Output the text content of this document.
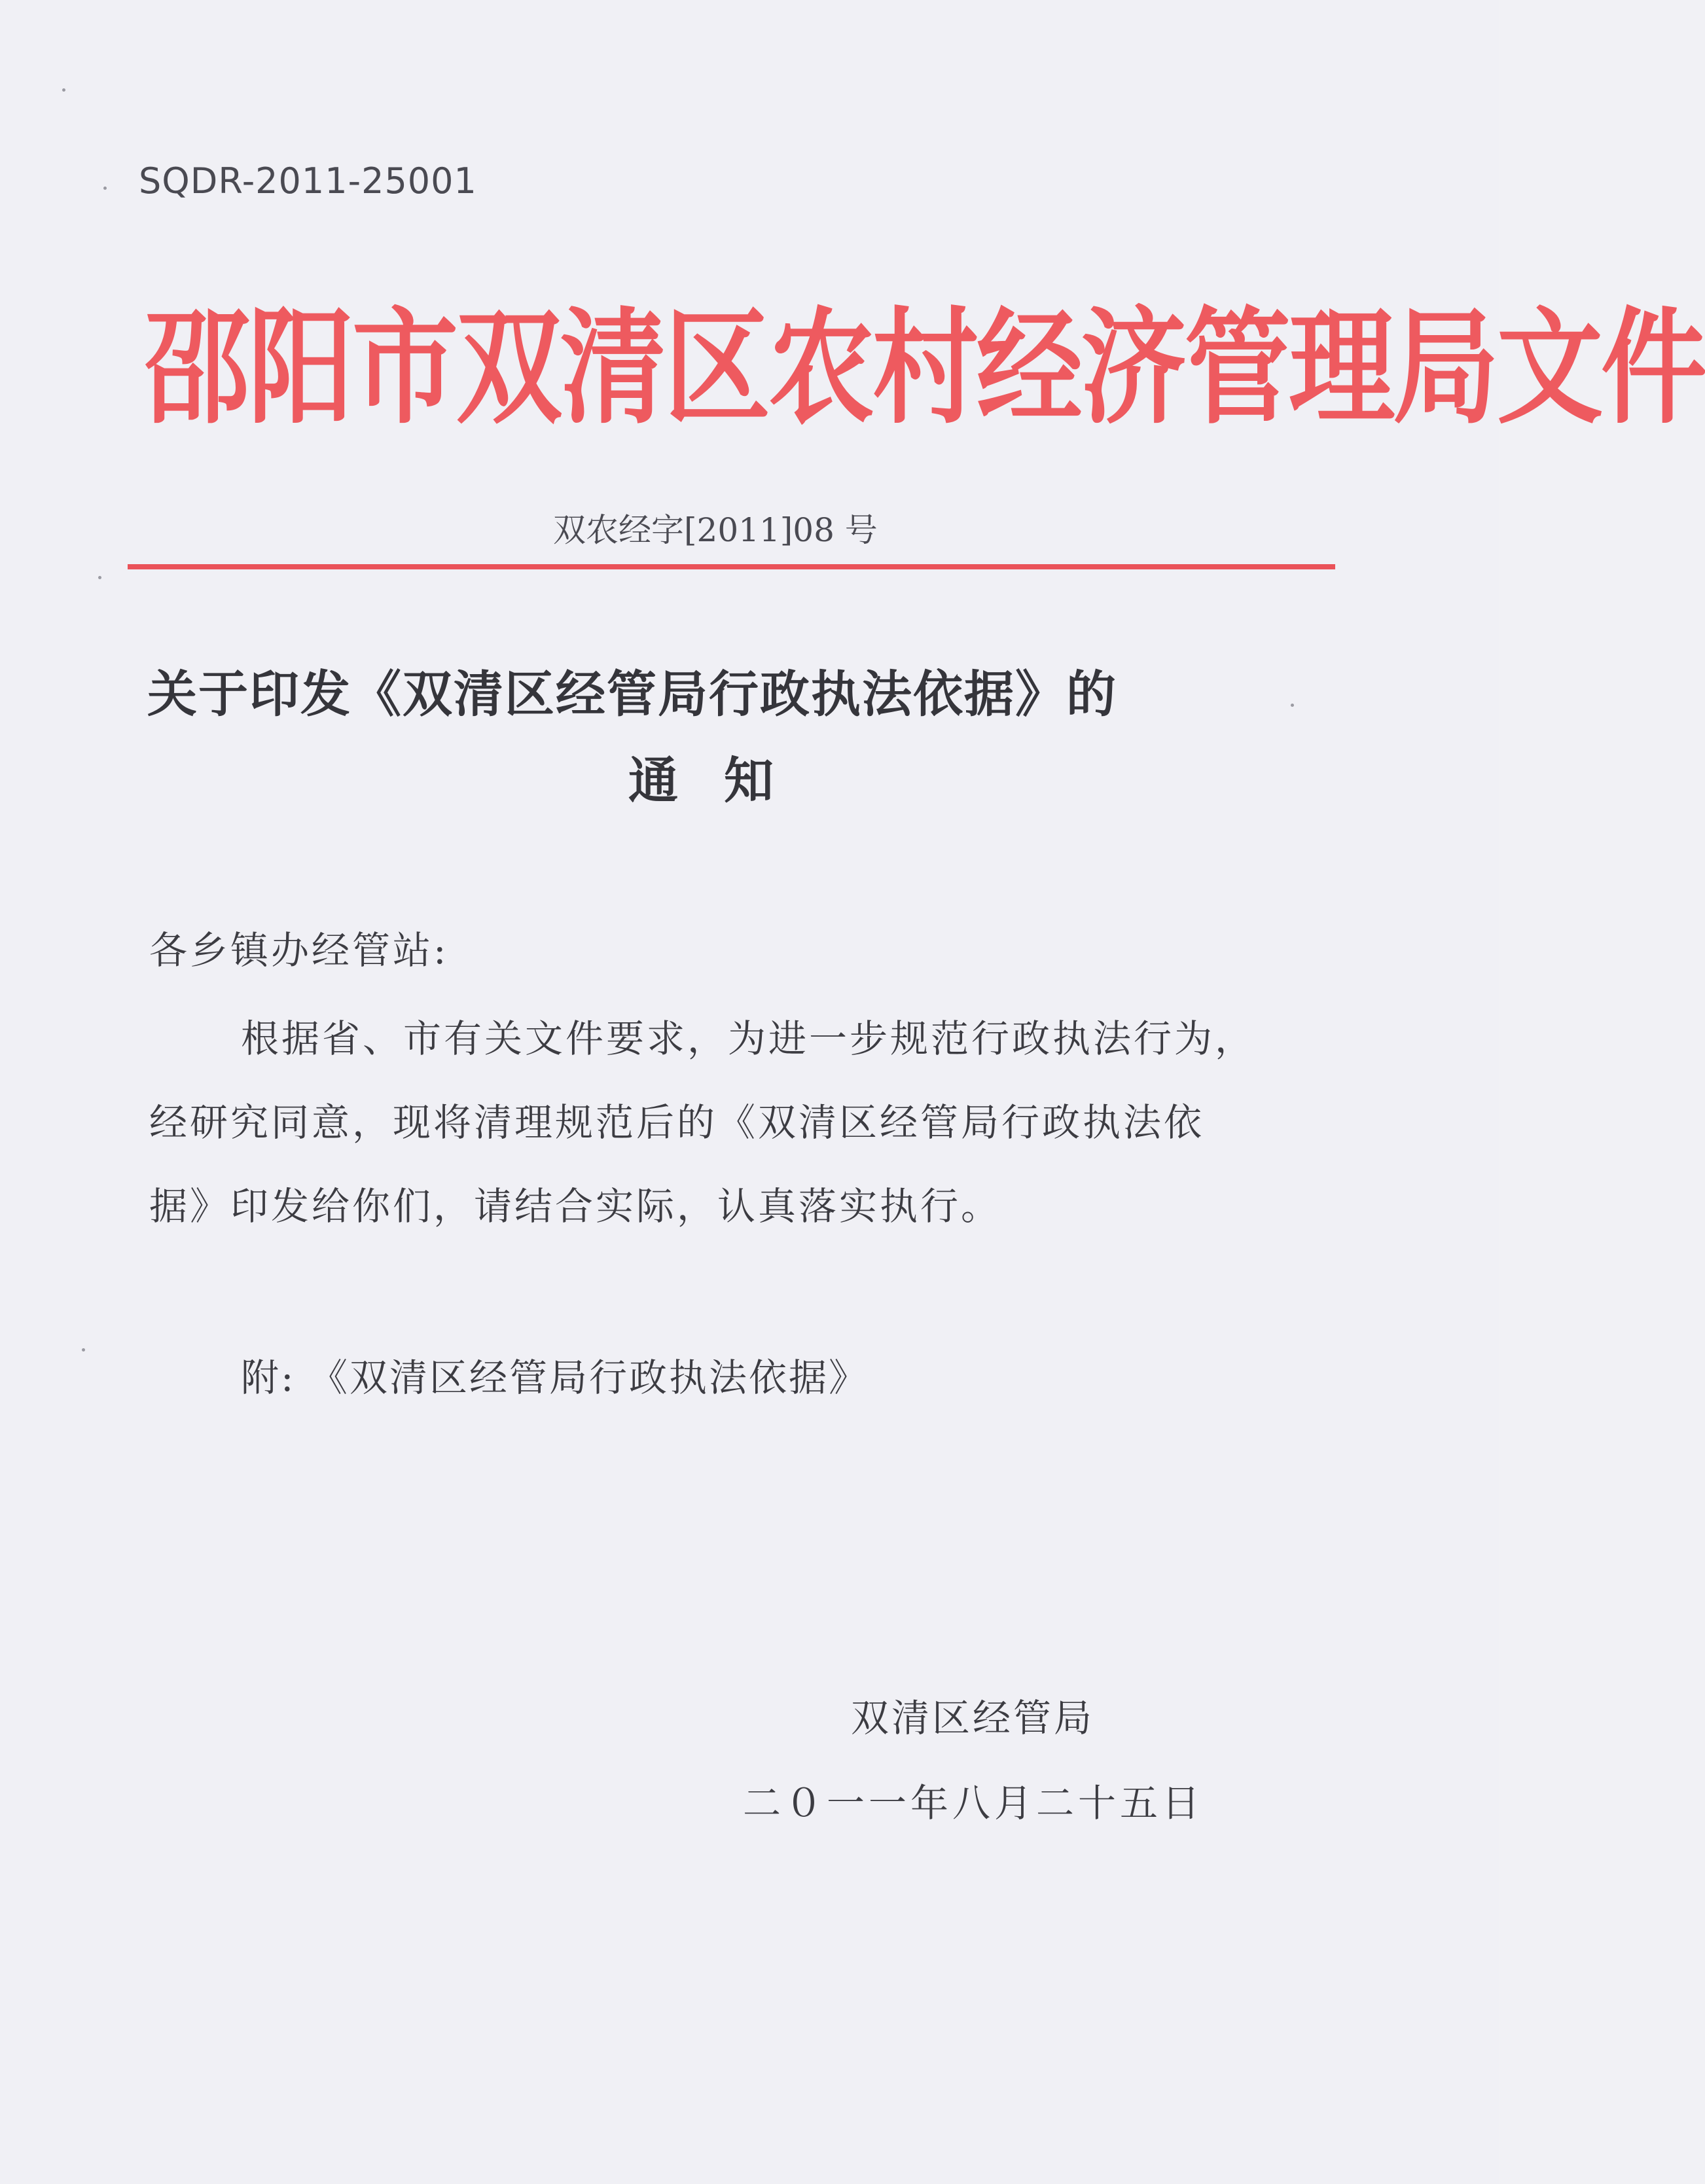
SQDR-2011-25001
邵阳市双清区农村经济管理局文件
双农经字[2011]08 号
关于印发《双清区经管局行政执法依据》的
通知
各乡镇办经管站:
根据省、市有关文件要求，为进一步规范行政执法行为，
经研究同意，现将清理规范后的《双清区经管局行政执法依
据》印发给你们，请结合实际，认真落实执行。
附: 《双清区经管局行政执法依据》
双清区经管局
二０一一年八月二十五日
